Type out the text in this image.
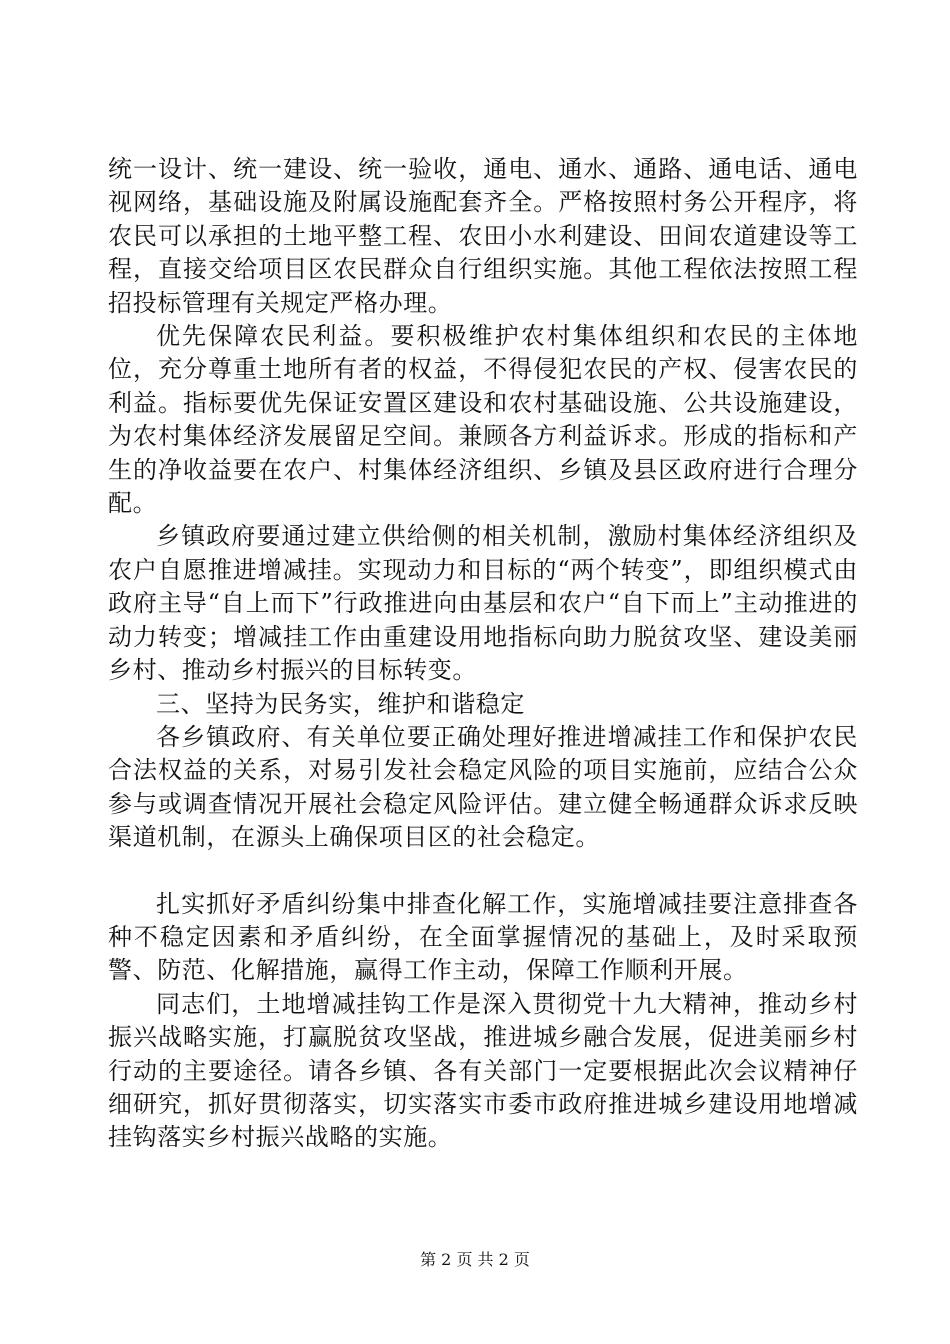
统一设计、统一建设、统一验收，通电、通水、通路、通电话、通电视网络，基础设施及附属设施配套齐全。严格按照村务公开程序，将农民可以承担的土地平整工程、农田小水利建设、田间农道建设等工程，直接交给项目区农民群众自行组织实施。其他工程依法按照工程招投标管理有关规定严格办理。

优先保障农民利益。要积极维护农村集体组织和农民的主体地位，充分尊重土地所有者的权益，不得侵犯农民的产权、侵害农民的利益。指标要优先保证安置区建设和农村基础设施、公共设施建设，为农村集体经济发展留足空间。兼顾各方利益诉求。形成的指标和产生的净收益要在农户、村集体经济组织、乡镇及县区政府进行合理分配。

乡镇政府要通过建立供给侧的相关机制，激励村集体经济组织及农户自愿推进增减挂。实现动力和目标的“两个转变”，即组织模式由政府主导“自上而下”行政推进向由基层和农户“自下而上”主动推进的动力转变；增减挂工作由重建设用地指标向助力脱贫攻坚、建设美丽乡村、推动乡村振兴的目标转变。

三、坚持为民务实，维护和谐稳定

各乡镇政府、有关单位要正确处理好推进增减挂工作和保护农民合法权益的关系，对易引发社会稳定风险的项目实施前，应结合公众参与或调查情况开展社会稳定风险评估。建立健全畅通群众诉求反映渠道机制，在源头上确保项目区的社会稳定。

扎实抓好矛盾纠纷集中排查化解工作，实施增减挂要注意排查各种不稳定因素和矛盾纠纷，在全面掌握情况的基础上，及时采取预警、防范、化解措施，赢得工作主动，保障工作顺利开展。

同志们，土地增减挂钩工作是深入贯彻党十九大精神，推动乡村振兴战略实施，打赢脱贫攻坚战，推进城乡融合发展，促进美丽乡村行动的主要途径。请各乡镇、各有关部门一定要根据此次会议精神仔细研究，抓好贯彻落实，切实落实市委市政府推进城乡建设用地增减挂钩落实乡村振兴战略的实施。

第 2 页 共 2 页
